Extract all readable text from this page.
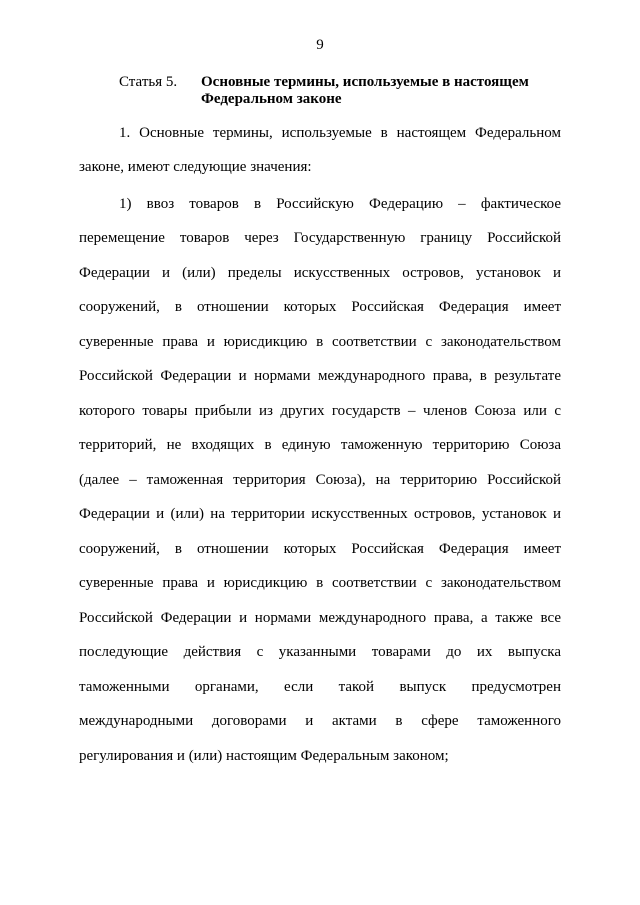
9
Статья 5. Основные термины, используемые в настоящем
Федеральном законе
1. Основные термины, используемые в настоящем Федеральном
законе, имеют следующие значения:
1) ввоз товаров в Российскую Федерацию – фактическое
перемещение товаров через Государственную границу Российской
Федерации и (или) пределы искусственных островов, установок и
сооружений, в отношении которых Российская Федерация имеет
суверенные права и юрисдикцию в соответствии с законодательством
Российской Федерации и нормами международного права, в результате
которого товары прибыли из других государств – членов Союза или с
территорий, не входящих в единую таможенную территорию Союза
(далее – таможенная территория Союза), на территорию Российской
Федерации и (или) на территории искусственных островов, установок и
сооружений, в отношении которых Российская Федерация имеет
суверенные права и юрисдикцию в соответствии с законодательством
Российской Федерации и нормами международного права, а также все
последующие действия с указанными товарами до их выпуска
таможенными органами, если такой выпуск предусмотрен
международными договорами и актами в сфере таможенного
регулирования и (или) настоящим Федеральным законом;
